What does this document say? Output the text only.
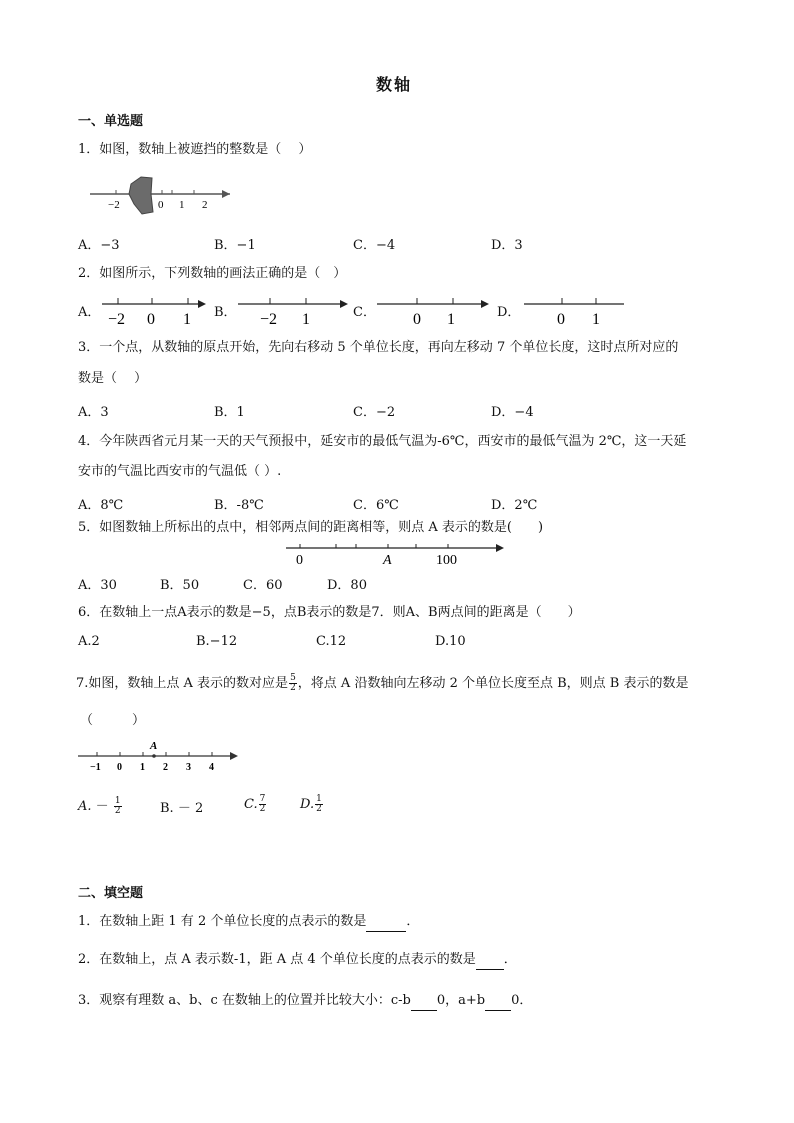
数轴
一、单选题
1．如图，数轴上被遮挡的整数是（　 ）
−2	0 1 2
A．−3	B．−1	C．−4	D．3
2．如图所示，下列数轴的画法正确的是（　）
A． −2 0 1 B． −2 1	C． 0 1	D． 0 1
3．一个点，从数轴的原点开始，先向右移动 5 个单位长度，再向左移动 7 个单位长度，这时点所对应的
数是（　 ）
A．3	B．1	C．−2	D．−4
4．今年陕西省元月某一天的天气预报中，延安市的最低气温为-6℃，西安市的最低气温为 2℃，这一天延
安市的气温比西安市的气温低（ ）.
A．8℃	B．-8℃	C．6℃	D．2℃
5．如图数轴上所标出的点中，相邻两点间的距离相等，则点 A 表示的数是(　　)
0	A	100
A．30	B．50	C．60	D．80
6．在数轴上一点A表示的数是−5，点B表示的数是7．则A、B两点间的距离是（　　）
A.2	B.−12	C.12	D.10
7.如图，数轴上点 A 表示的数对应是 $\frac{5}{2}$ ，将点 A 沿数轴向左移动 2 个单位长度至点 B，则点 B 表示的数是
（　　　）
A
−1 0 1 2 3 4
A. － $\frac{1}{2}$	B. － 2	C. $\frac{7}{2}$	D. $\frac{1}{2}$
二、填空题
1．在数轴上距 1 有 2 个单位长度的点表示的数是	．
2．在数轴上，点 A 表示数-1，距 A 点 4 个单位长度的点表示的数是 ．
3．观察有理数 a、b、c 在数轴上的位置并比较大小：c-b 0，a+b 0．
